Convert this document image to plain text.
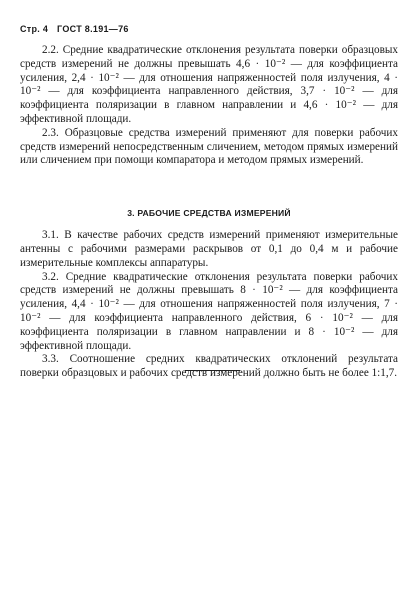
Стр. 4 ГОСТ 8.191—76

2.2. Средние квадратические отклонения результата поверки образцовых средств измерений не должны превышать 4,6 · 10⁻² — для коэффициента усиления, 2,4 · 10⁻² — для отношения напряженностей поля излучения, 4 · 10⁻² — для коэффициента направленного действия, 3,7 · 10⁻² — для коэффициента поляризации в главном направлении и 4,6 · 10⁻² — для эффективной площади.

2.3. Образцовые средства измерений применяют для поверки рабочих средств измерений непосредственным сличением, методом прямых измерений или сличением при помощи компаратора и методом прямых измерений.

3. РАБОЧИЕ СРЕДСТВА ИЗМЕРЕНИЙ

3.1. В качестве рабочих средств измерений применяют измерительные антенны с рабочими размерами раскрывов от 0,1 до 0,4 м и рабочие измерительные комплексы аппаратуры.

3.2. Средние квадратические отклонения результата поверки рабочих средств измерений не должны превышать 8 · 10⁻² — для коэффициента усиления, 4,4 · 10⁻² — для отношения напряженностей поля излучения, 7 · 10⁻² — для коэффициента направленного действия, 6 · 10⁻² — для коэффициента поляризации в главном направлении и 8 · 10⁻² — для эффективной площади.

3.3. Соотношение средних квадратических отклонений результата поверки образцовых и рабочих средств измерений должно быть не более 1:1,7.
